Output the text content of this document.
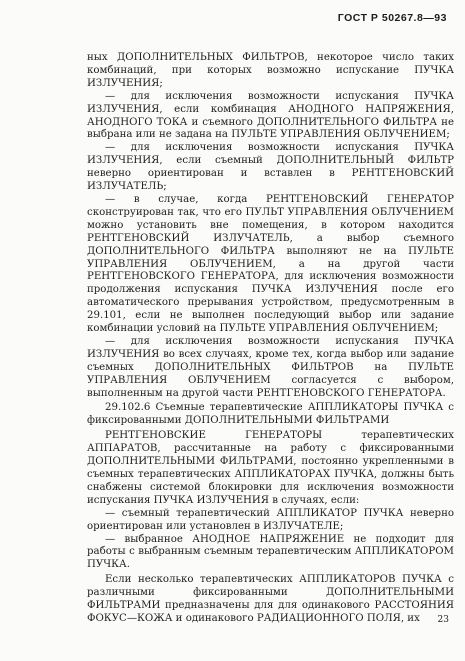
ГОСТ Р 50267.8—93

ных ДОПОЛНИТЕЛЬНЫХ ФИЛЬТРОВ, некоторое число таких комбинаций, при которых возможно испускание ПУЧКА ИЗЛУЧЕНИЯ;

— для исключения возможности испускания ПУЧКА ИЗЛУЧЕНИЯ, если комбинация АНОДНОГО НАПРЯЖЕНИЯ, АНОДНОГО ТОКА и съемного ДОПОЛНИТЕЛЬНОГО ФИЛЬТРА не выбрана или не задана на ПУЛЬТЕ УПРАВЛЕНИЯ ОБЛУЧЕНИЕМ;

— для исключения возможности испускания ПУЧКА ИЗЛУЧЕНИЯ, если съемный ДОПОЛНИТЕЛЬНЫЙ ФИЛЬТР неверно ориентирован и вставлен в РЕНТГЕНОВСКИЙ ИЗЛУЧАТЕЛЬ;

— в случае, когда РЕНТГЕНОВСКИЙ ГЕНЕРАТОР сконструирован так, что его ПУЛЬТ УПРАВЛЕНИЯ ОБЛУЧЕНИЕМ можно установить вне помещения, в котором находится РЕНТГЕНОВСКИЙ ИЗЛУЧАТЕЛЬ, а выбор съемного ДОПОЛНИТЕЛЬНОГО ФИЛЬТРА выполняют не на ПУЛЬТЕ УПРАВЛЕНИЯ ОБЛУЧЕНИЕМ, а на другой части РЕНТГЕНОВСКОГО ГЕНЕРАТОРА, для исключения возможности продолжения испускания ПУЧКА ИЗЛУЧЕНИЯ после его автоматического прерывания устройством, предусмотренным в 29.101, если не выполнен последующий выбор или задание комбинации условий на ПУЛЬТЕ УПРАВЛЕНИЯ ОБЛУЧЕНИЕМ;

— для исключения возможности испускания ПУЧКА ИЗЛУЧЕНИЯ во всех случаях, кроме тех, когда выбор или задание съемных ДОПОЛНИТЕЛЬНЫХ ФИЛЬТРОВ на ПУЛЬТЕ УПРАВЛЕНИЯ ОБЛУЧЕНИЕМ согласуется с выбором, выполненным на другой части РЕНТГЕНОВСКОГО ГЕНЕРАТОРА.

29.102.6 Съемные терапевтические АППЛИКАТОРЫ ПУЧКА с фиксированными ДОПОЛНИТЕЛЬНЫМИ ФИЛЬТРАМИ

РЕНТГЕНОВСКИЕ ГЕНЕРАТОРЫ терапевтических АППАРАТОВ, рассчитанные на работу с фиксированными ДОПОЛНИТЕЛЬНЫМИ ФИЛЬТРАМИ, постоянно укрепленными в съемных терапевтических АППЛИКАТОРАХ ПУЧКА, должны быть снабжены системой блокировки для исключения возможности испускания ПУЧКА ИЗЛУЧЕНИЯ в случаях, если:

— съемный терапевтический АППЛИКАТОР ПУЧКА неверно ориентирован или установлен в ИЗЛУЧАТЕЛЕ;

— выбранное АНОДНОЕ НАПРЯЖЕНИЕ не подходит для работы с выбранным съемным терапевтическим АППЛИКАТОРОМ ПУЧКА.

Если несколько терапевтических АППЛИКАТОРОВ ПУЧКА с различными фиксированными ДОПОЛНИТЕЛЬНЫМИ ФИЛЬТРАМИ предназначены для для одинакового РАССТОЯНИЯ ФОКУС—КОЖА и одинакового РАДИАЦИОННОГО ПОЛЯ, их	23
